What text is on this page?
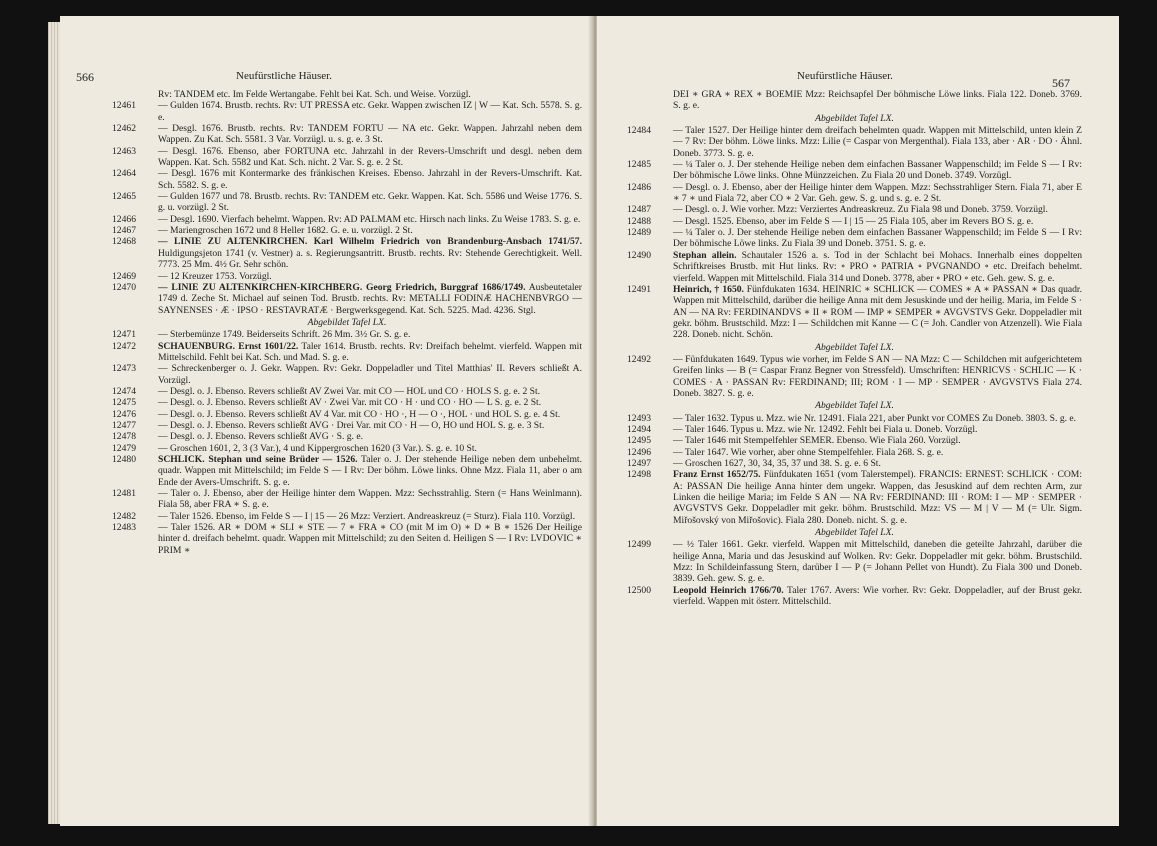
566	Neufürstliche Häuser.
Rv: TANDEM etc. Im Felde Wertangabe. Fehlt bei Kat. Sch. und Weise. Vorzügl.
12461	— Gulden 1674. Brustb. rechts. Rv: UT PRESSA etc. Gekr. Wappen zwischen IZ | W — Kat. Sch. 5578. S. g. e.
12462	— Desgl. 1676. Brustb. rechts. Rv: TANDEM FORTU — NA etc. Gekr. Wappen. Jahrzahl neben dem Wappen. Zu Kat. Sch. 5581. 3 Var. Vorzügl. u. s. g. e. 3 St.
12463	— Desgl. 1676. Ebenso, aber FORTUNA etc. Jahrzahl in der Revers-Umschrift und desgl. neben dem Wappen. Kat. Sch. 5582 und Kat. Sch. nicht. 2 Var. S. g. e. 2 St.
12464	— Desgl. 1676 mit Kontermarke des fränkischen Kreises. Ebenso. Jahrzahl in der Revers-Umschrift. Kat. Sch. 5582. S. g. e.
12465	— Gulden 1677 und 78. Brustb. rechts. Rv: TANDEM etc. Gekr. Wappen. Kat. Sch. 5586 und Weise 1776. S. g. u. vorzügl. 2 St.
12466	— Desgl. 1690. Vierfach behelmt. Wappen. Rv: AD PALMAM etc. Hirsch nach links. Zu Weise 1783. S. g. e.
12467	— Mariengroschen 1672 und 8 Heller 1682. G. e. u. vorzügl. 2 St.
12468	— LINIE ZU ALTENKIRCHEN. Karl Wilhelm Friedrich von Brandenburg-Ansbach 1741/57. Huldigungsjeton 1741 (v. Vestner) a. s. Regierungsantritt. Brustb. rechts. Rv: Stehende Gerechtigkeit. Well. 7773. 25 Mm. 4½ Gr. Sehr schön.
12469	— 12 Kreuzer 1753. Vorzügl.
12470	— LINIE ZU ALTENKIRCHEN-KIRCHBERG. Georg Friedrich, Burggraf 1686/1749. Ausbeutetaler 1749 d. Zeche St. Michael auf seinen Tod. Brustb. rechts. Rv: METALLI FODINÆ HACHENBVRGO — SAYNENSES · Æ · IPSO · RESTAVRATÆ · Bergwerksgegend. Kat. Sch. 5225. Mad. 4236. Stgl.
Abgebildet Tafel LX.
12471	— Sterbemünze 1749. Beiderseits Schrift. 26 Mm. 3½ Gr. S. g. e.
12472	SCHAUENBURG. Ernst 1601/22. Taler 1614. Brustb. rechts. Rv: Dreifach behelmt. vierfeld. Wappen mit Mittelschild. Fehlt bei Kat. Sch. und Mad. S. g. e.
12473	— Schreckenberger o. J. Gekr. Wappen. Rv: Gekr. Doppeladler und Titel Matthias' II. Revers schließt A. Vorzügl.
12474	— Desgl. o. J. Ebenso. Revers schließt AV Zwei Var. mit CO — HOL und CO · HOLS S. g. e. 2 St.
12475	— Desgl. o. J. Ebenso. Revers schließt AV · Zwei Var. mit CO · H · und CO · HO — L S. g. e. 2 St.
12476	— Desgl. o. J. Ebenso. Revers schließt AV 4 Var. mit CO · HO ·, H — O ·, HOL · und HOL S. g. e. 4 St.
12477	— Desgl. o. J. Ebenso. Revers schließt AVG · Drei Var. mit CO · H — O, HO und HOL S. g. e. 3 St.
12478	— Desgl. o. J. Ebenso. Revers schließt AVG · S. g. e.
12479	— Groschen 1601, 2, 3 (3 Var.), 4 und Kippergroschen 1620 (3 Var.). S. g. e. 10 St.
12480	SCHLICK. Stephan und seine Brüder — 1526. Taler o. J. Der stehende Heilige neben dem unbehelmt. quadr. Wappen mit Mittelschild; im Felde S — I Rv: Der böhm. Löwe links. Ohne Mzz. Fiala 11, aber o am Ende der Avers-Umschrift. S. g. e.
12481	— Taler o. J. Ebenso, aber der Heilige hinter dem Wappen. Mzz: Sechsstrahlig. Stern (= Hans Weinlmann). Fiala 58, aber FRA ∗ S. g. e.
12482	— Taler 1526. Ebenso, im Felde S — I | 15 — 26 Mzz: Verziert. Andreaskreuz (= Sturz). Fiala 110. Vorzügl.
12483	— Taler 1526. AR ∗ DOM ∗ SLI ∗ STE — 7 ∗ FRA ∗ CO (mit M im O) ∗ D ∗ B ∗ 1526 Der Heilige hinter d. dreifach behelmt. quadr. Wappen mit Mittelschild; zu den Seiten d. Heiligen S — I Rv: LVDOVIC ∗ PRIM ∗
Neufürstliche Häuser.	567
DEI ∗ GRA ∗ REX ∗ BOEMIE Mzz: Reichsapfel Der böhmische Löwe links. Fiala 122. Doneb. 3769. S. g. e.
Abgebildet Tafel LX.
12484	— Taler 1527. Der Heilige hinter dem dreifach behelmten quadr. Wappen mit Mittelschild, unten klein Z — 7 Rv: Der böhm. Löwe links. Mzz: Lilie (= Caspar von Mergenthal). Fiala 133, aber · AR · DO · Ähnl. Doneb. 3773. S. g. e.
12485	— ¼ Taler o. J. Der stehende Heilige neben dem einfachen Bassaner Wappenschild; im Felde S — I Rv: Der böhmische Löwe links. Ohne Münzzeichen. Zu Fiala 20 und Doneb. 3749. Vorzügl.
12486	— Desgl. o. J. Ebenso, aber der Heilige hinter dem Wappen. Mzz: Sechsstrahliger Stern. Fiala 71, aber E ∗ 7 ∗ und Fiala 72, aber CO ∗ 2 Var. Geh. gew. S. g. und s. g. e. 2 St.
12487	— Desgl. o. J. Wie vorher. Mzz: Verziertes Andreaskreuz. Zu Fiala 98 und Doneb. 3759. Vorzügl.
12488	— Desgl. 1525. Ebenso, aber im Felde S — I | 15 — 25 Fiala 105, aber im Revers BO S. g. e.
12489	— ¼ Taler o. J. Der stehende Heilige neben dem einfachen Bassaner Wappenschild; im Felde S — I Rv: Der böhmische Löwe links. Zu Fiala 39 und Doneb. 3751. S. g. e.
12490	Stephan allein. Schautaler 1526 a. s. Tod in der Schlacht bei Mohacs. Innerhalb eines doppelten Schriftkreises Brustb. mit Hut links. Rv: ∘ PRO ∘ PATRIA ∘ PVGNANDO ∘ etc. Dreifach behelmt. vierfeld. Wappen mit Mittelschild. Fiala 314 und Doneb. 3778, aber ∘ PRO ∘ etc. Geh. gew. S. g. e.
12491	Heinrich, † 1650. Fünfdukaten 1634. HEINRIC ∗ SCHLICK — COMES ∗ A ∗ PASSAN ∗ Das quadr. Wappen mit Mittelschild, darüber die heilige Anna mit dem Jesuskinde und der heilig. Maria, im Felde S · AN — NA Rv: FERDINANDVS ∗ II ∗ ROM — IMP ∗ SEMPER ∗ AVGVSTVS Gekr. Doppeladler mit gekr. böhm. Brustschild. Mzz: I — Schildchen mit Kanne — C (= Joh. Candler von Atzenzell). Wie Fiala 228. Doneb. nicht. Schön.
Abgebildet Tafel LX.
12492	— Fünfdukaten 1649. Typus wie vorher, im Felde S AN — NA Mzz: C — Schildchen mit aufgerichtetem Greifen links — B (= Caspar Franz Begner von Stressfeld). Umschriften: HENRICVS · SCHLIC — K · COMES · A · PASSAN Rv: FERDINAND; III; ROM · I — MP · SEMPER · AVGVSTVS Fiala 274. Doneb. 3827. S. g. e.
Abgebildet Tafel LX.
12493	— Taler 1632. Typus u. Mzz. wie Nr. 12491. Fiala 221, aber Punkt vor COMES Zu Doneb. 3803. S. g. e.
12494	— Taler 1646. Typus u. Mzz. wie Nr. 12492. Fehlt bei Fiala u. Doneb. Vorzügl.
12495	— Taler 1646 mit Stempelfehler SEMER. Ebenso. Wie Fiala 260. Vorzügl.
12496	— Taler 1647. Wie vorher, aber ohne Stempelfehler. Fiala 268. S. g. e.
12497	— Groschen 1627, 30, 34, 35, 37 und 38. S. g. e. 6 St.
12498	Franz Ernst 1652/75. Fünfdukaten 1651 (vom Talerstempel). FRANCIS: ERNEST: SCHLICK · COM: A: PASSAN Die heilige Anna hinter dem ungekr. Wappen, das Jesuskind auf dem rechten Arm, zur Linken die heilige Maria; im Felde S AN — NA Rv: FERDINAND: III · ROM: I — MP · SEMPER · AVGVSTVS Gekr. Doppeladler mit gekr. böhm. Brustschild. Mzz: VS — M | V — M (= Ulr. Sigm. Miřošovský von Miřošovic). Fiala 280. Doneb. nicht. S. g. e.
Abgebildet Tafel LX.
12499	— ½ Taler 1661. Gekr. vierfeld. Wappen mit Mittelschild, daneben die geteilte Jahrzahl, darüber die heilige Anna, Maria und das Jesuskind auf Wolken. Rv: Gekr. Doppeladler mit gekr. böhm. Brustschild. Mzz: In Schildeinfassung Stern, darüber I — P (= Johann Pellet von Hundt). Zu Fiala 300 und Doneb. 3839. Geh. gew. S. g. e.
12500	Leopold Heinrich 1766/70. Taler 1767. Avers: Wie vorher. Rv: Gekr. Doppeladler, auf der Brust gekr. vierfeld. Wappen mit österr. Mittelschild.
